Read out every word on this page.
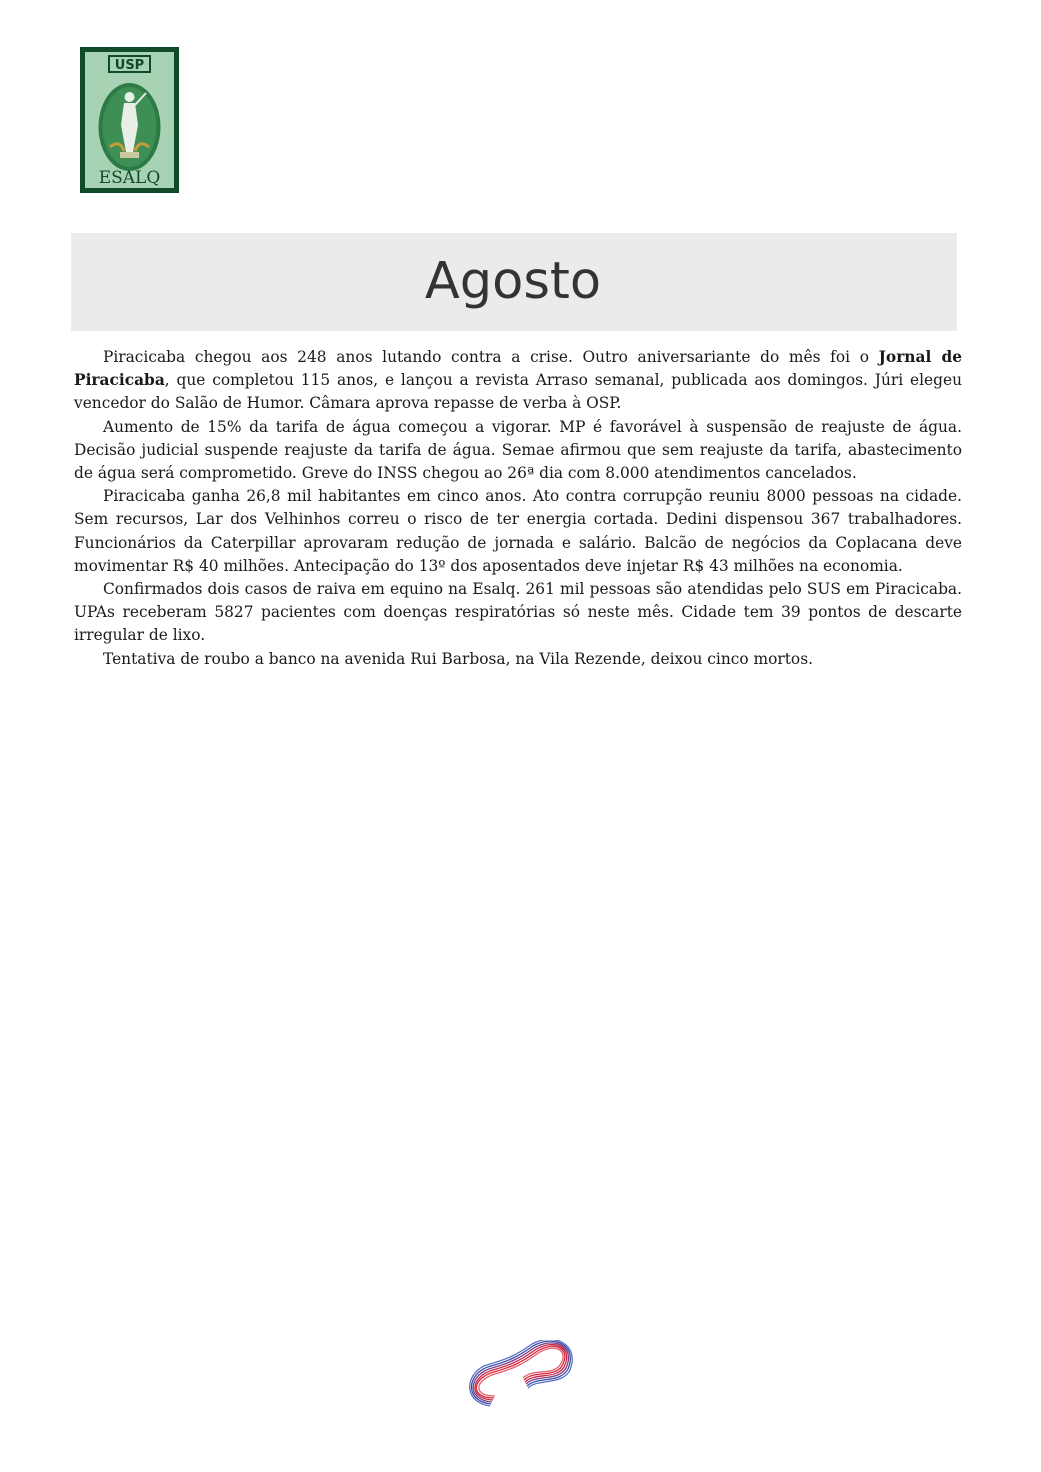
USP
ESALQ
Agosto

Piracicaba chegou aos 248 anos lutando contra a crise. Outro aniversariante do mês foi o Jornal de Piracicaba, que completou 115 anos, e lançou a revista Arraso semanal, publicada aos domingos. Júri elegeu vencedor do Salão de Humor. Câmara aprova repasse de verba à OSP.

Aumento de 15% da tarifa de água começou a vigorar. MP é favorável à suspensão de reajuste de água. Decisão judicial suspende reajuste da tarifa de água. Semae afirmou que sem reajuste da tarifa, abastecimento de água será comprometido. Greve do INSS chegou ao 26ª dia com 8.000 atendimentos cancelados.

Piracicaba ganha 26,8 mil habitantes em cinco anos. Ato contra corrupção reuniu 8000 pessoas na cidade. Sem recursos, Lar dos Velhinhos correu o risco de ter energia cortada. Dedini dispensou 367 trabalhadores. Funcionários da Caterpillar aprovaram redução de jornada e salário. Balcão de negócios da Coplacana deve movimentar R$ 40 milhões. Antecipação do 13º dos aposentados deve injetar R$ 43 milhões na economia.

Confirmados dois casos de raiva em equino na Esalq. 261 mil pessoas são atendidas pelo SUS em Piracicaba. UPAs receberam 5827 pacientes com doenças respiratórias só neste mês. Cidade tem 39 pontos de descarte irregular de lixo.

Tentativa de roubo a banco na avenida Rui Barbosa, na Vila Rezende, deixou cinco mortos.
